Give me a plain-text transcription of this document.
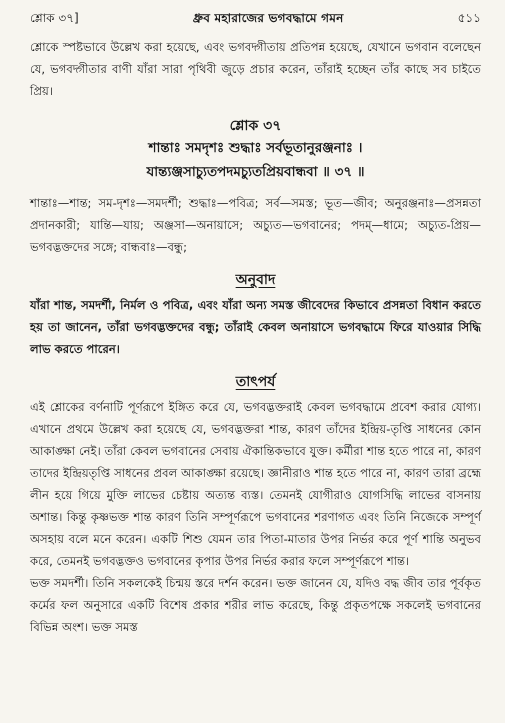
শ্লোক ৩৭]	ধ্রুব মহারাজের ভগবদ্ধামে গমন	৫১১

শ্লোকে স্পষ্টভাবে উল্লেখ করা হয়েছে, এবং ভগবদ্গীতায় প্রতিপন্ন হয়েছে, যেখানে ভগবান বলেছেন যে, ভগবদ্গীতার বাণী যাঁরা সারা পৃথিবী জুড়ে প্রচার করেন, তাঁরাই হচ্ছেন তাঁর কাছে সব চাইতে প্রিয়।

শ্লোক ৩৭
শান্তাঃ সমদৃশঃ শুদ্ধাঃ সর্বভূতানুরঞ্জনাঃ ।
যান্ত্যঞ্জসাচ্যুতপদমচ্যুতপ্রিয়বান্ধবা ॥ ৩৭ ॥

শান্তাঃ—শান্ত; সম-দৃশঃ—সমদর্শী; শুদ্ধাঃ—পবিত্র; সর্ব—সমস্ত; ভূত—জীব; অনুরঞ্জনাঃ—প্রসন্নতা প্রদানকারী; যান্তি—যায়; অঞ্জসা—অনায়াসে; অচ্যুত—ভগবানের; পদম্—ধামে; অচ্যুত-প্রিয়—ভগবদ্ভক্তদের সঙ্গে; বান্ধবাঃ—বন্ধু;

অনুবাদ

যাঁরা শান্ত, সমদর্শী, নির্মল ও পবিত্র, এবং যাঁরা অন্য সমস্ত জীবেদের কিভাবে প্রসন্নতা বিধান করতে হয় তা জানেন, তাঁরা ভগবদ্ভক্তদের বন্ধু; তাঁরাই কেবল অনায়াসে ভগবদ্ধামে ফিরে যাওয়ার সিদ্ধি লাভ করতে পারেন।

তাৎপর্য

এই শ্লোকের বর্ণনাটি পূর্ণরূপে ইঙ্গিত করে যে, ভগবদ্ভক্তরাই কেবল ভগবদ্ধামে প্রবেশ করার যোগ্য। এখানে প্রথমে উল্লেখ করা হয়েছে যে, ভগবদ্ভক্তরা শান্ত, কারণ তাঁদের ইন্দ্রিয়-তৃপ্তি সাধনের কোন আকাঙ্ক্ষা নেই। তাঁরা কেবল ভগবানের সেবায় ঐকান্তিকভাবে যুক্ত। কর্মীরা শান্ত হতে পারে না, কারণ তাদের ইন্দ্রিয়তৃপ্তি সাধনের প্রবল আকাঙ্ক্ষা রয়েছে। জ্ঞানীরাও শান্ত হতে পারে না, কারণ তারা ব্রহ্মে লীন হয়ে গিয়ে মুক্তি লাভের চেষ্টায় অত্যন্ত ব্যস্ত। তেমনই যোগীরাও যোগসিদ্ধি লাভের বাসনায় অশান্ত। কিন্তু কৃষ্ণভক্ত শান্ত কারণ তিনি সম্পূর্ণরূপে ভগবানের শরণাগত এবং তিনি নিজেকে সম্পূর্ণ অসহায় বলে মনে করেন। একটি শিশু যেমন তার পিতা-মাতার উপর নির্ভর করে পূর্ণ শান্তি অনুভব করে, তেমনই ভগবদ্ভক্তও ভগবানের কৃপার উপর নির্ভর করার ফলে সম্পূর্ণরূপে শান্ত।

ভক্ত সমদর্শী। তিনি সকলকেই চিন্ময় স্তরে দর্শন করেন। ভক্ত জানেন যে, যদিও বদ্ধ জীব তার পূর্বকৃত কর্মের ফল অনুসারে একটি বিশেষ প্রকার শরীর লাভ করেছে, কিন্তু প্রকৃতপক্ষে সকলেই ভগবানের বিভিন্ন অংশ। ভক্ত সমস্ত
